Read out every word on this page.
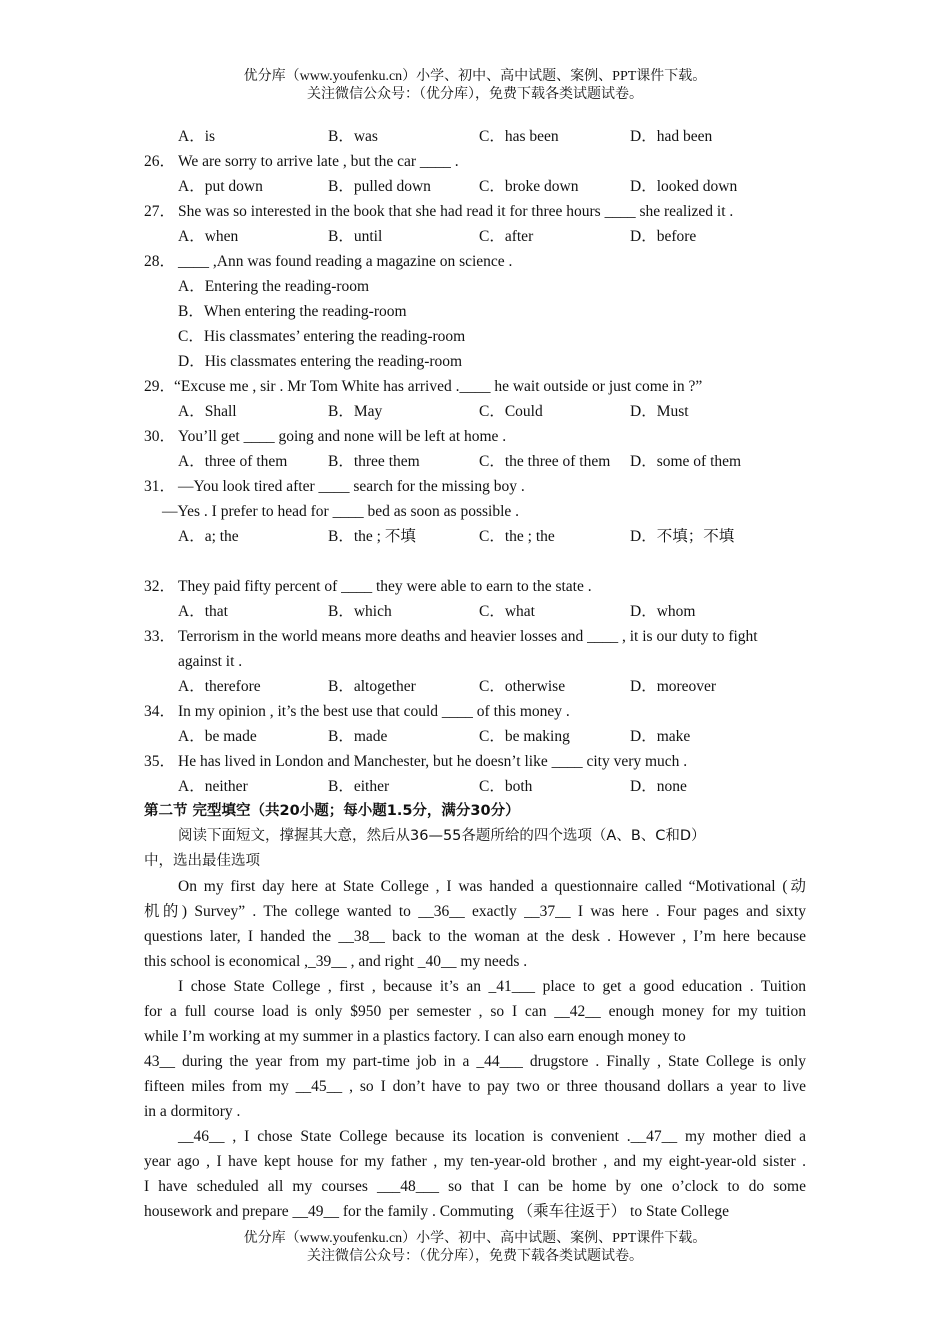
优分库（www.youfenku.cn）小学、初中、高中试题、案例、PPT课件下载。
关注微信公众号：（优分库），免费下载各类试题试卷。
A．is	B．was	C．has been	D．had been
26． We are sorry to arrive late , but the car ____ .
A．put down	B．pulled down	C．broke down	D．looked down
27． She was so interested in the book that she had read it for three hours ____ she realized it .
A．when	B．until	C．after	D．before
28． ____ ,Ann was found reading a magazine on science .
A．Entering the reading-room
B．When entering the reading-room
C．His classmates’ entering the reading-room
D．His classmates entering the reading-room
29．
“Excuse me , sir . Mr Tom White has arrived .____ he wait outside or just come in ?”
A．Shall	B．May	C．Could	D．Must
30． You’ll get ____ going and none will be left at home .
A．three of them	B．three them	C．the three of them D．some of them
31． —You look tired after ____ search for the missing boy .
—Yes . I prefer to head for ____ bed as soon as possible .
A．a; the	B．the ; 不填	C．the ; the	D．不填；不填
32． They paid fifty percent of ____ they were able to earn to the state .
A．that	B．which	C．what	D．whom
33． Terrorism in the world means more deaths and heavier losses and ____ , it is our duty to fight
against it .
A．therefore	B．altogether	C．otherwise	D．moreover
34． In my opinion , it’s the best use that could ____ of this money .
A．be made	B．made	C．be making	D．make
35． He has lived in London and Manchester, but he doesn’t like ____ city very much .
A．neither	B．either	C．both	D．none
第二节 完型填空（共20小题；每小题1.5分，满分30分）
阅读下面短文，撑握其大意，然后从36—55各题所给的四个选项（A、B、C和D）
中，选出最佳选项
On my first day here at State College , I was handed a questionnaire called “Motivational (动
机的) Survey” . The college wanted to __36__ exactly __37__ I was here . Four pages and sixty
questions later, I handed the __38__ back to the woman at the desk . However , I’m here because
this school is economical ,_39__ , and right _40__ my needs .
I chose State College , first , because it’s an _41___ place to get a good education . Tuition
for a full course load is only $950 per semester , so I can __42__ enough money for my tuition
while I’m working at my summer in a plastics factory. I can also earn enough money to
43__ during the year from my part-time job in a _44___ drugstore . Finally , State College is only
fifteen miles from my __45__ , so I don’t have to pay two or three thousand dollars a year to live
in a dormitory .
__46__ , I chose State College because its location is convenient .__47__ my mother died a
year ago , I have kept house for my father , my ten-year-old brother , and my eight-year-old sister .
I have scheduled all my courses ___48___ so that I can be home by one o’clock to do some
housework and prepare __49__ for the family . Commuting （乘车往返于） to State College
优分库（www.youfenku.cn）小学、初中、高中试题、案例、PPT课件下载。
关注微信公众号：（优分库），免费下载各类试题试卷。
